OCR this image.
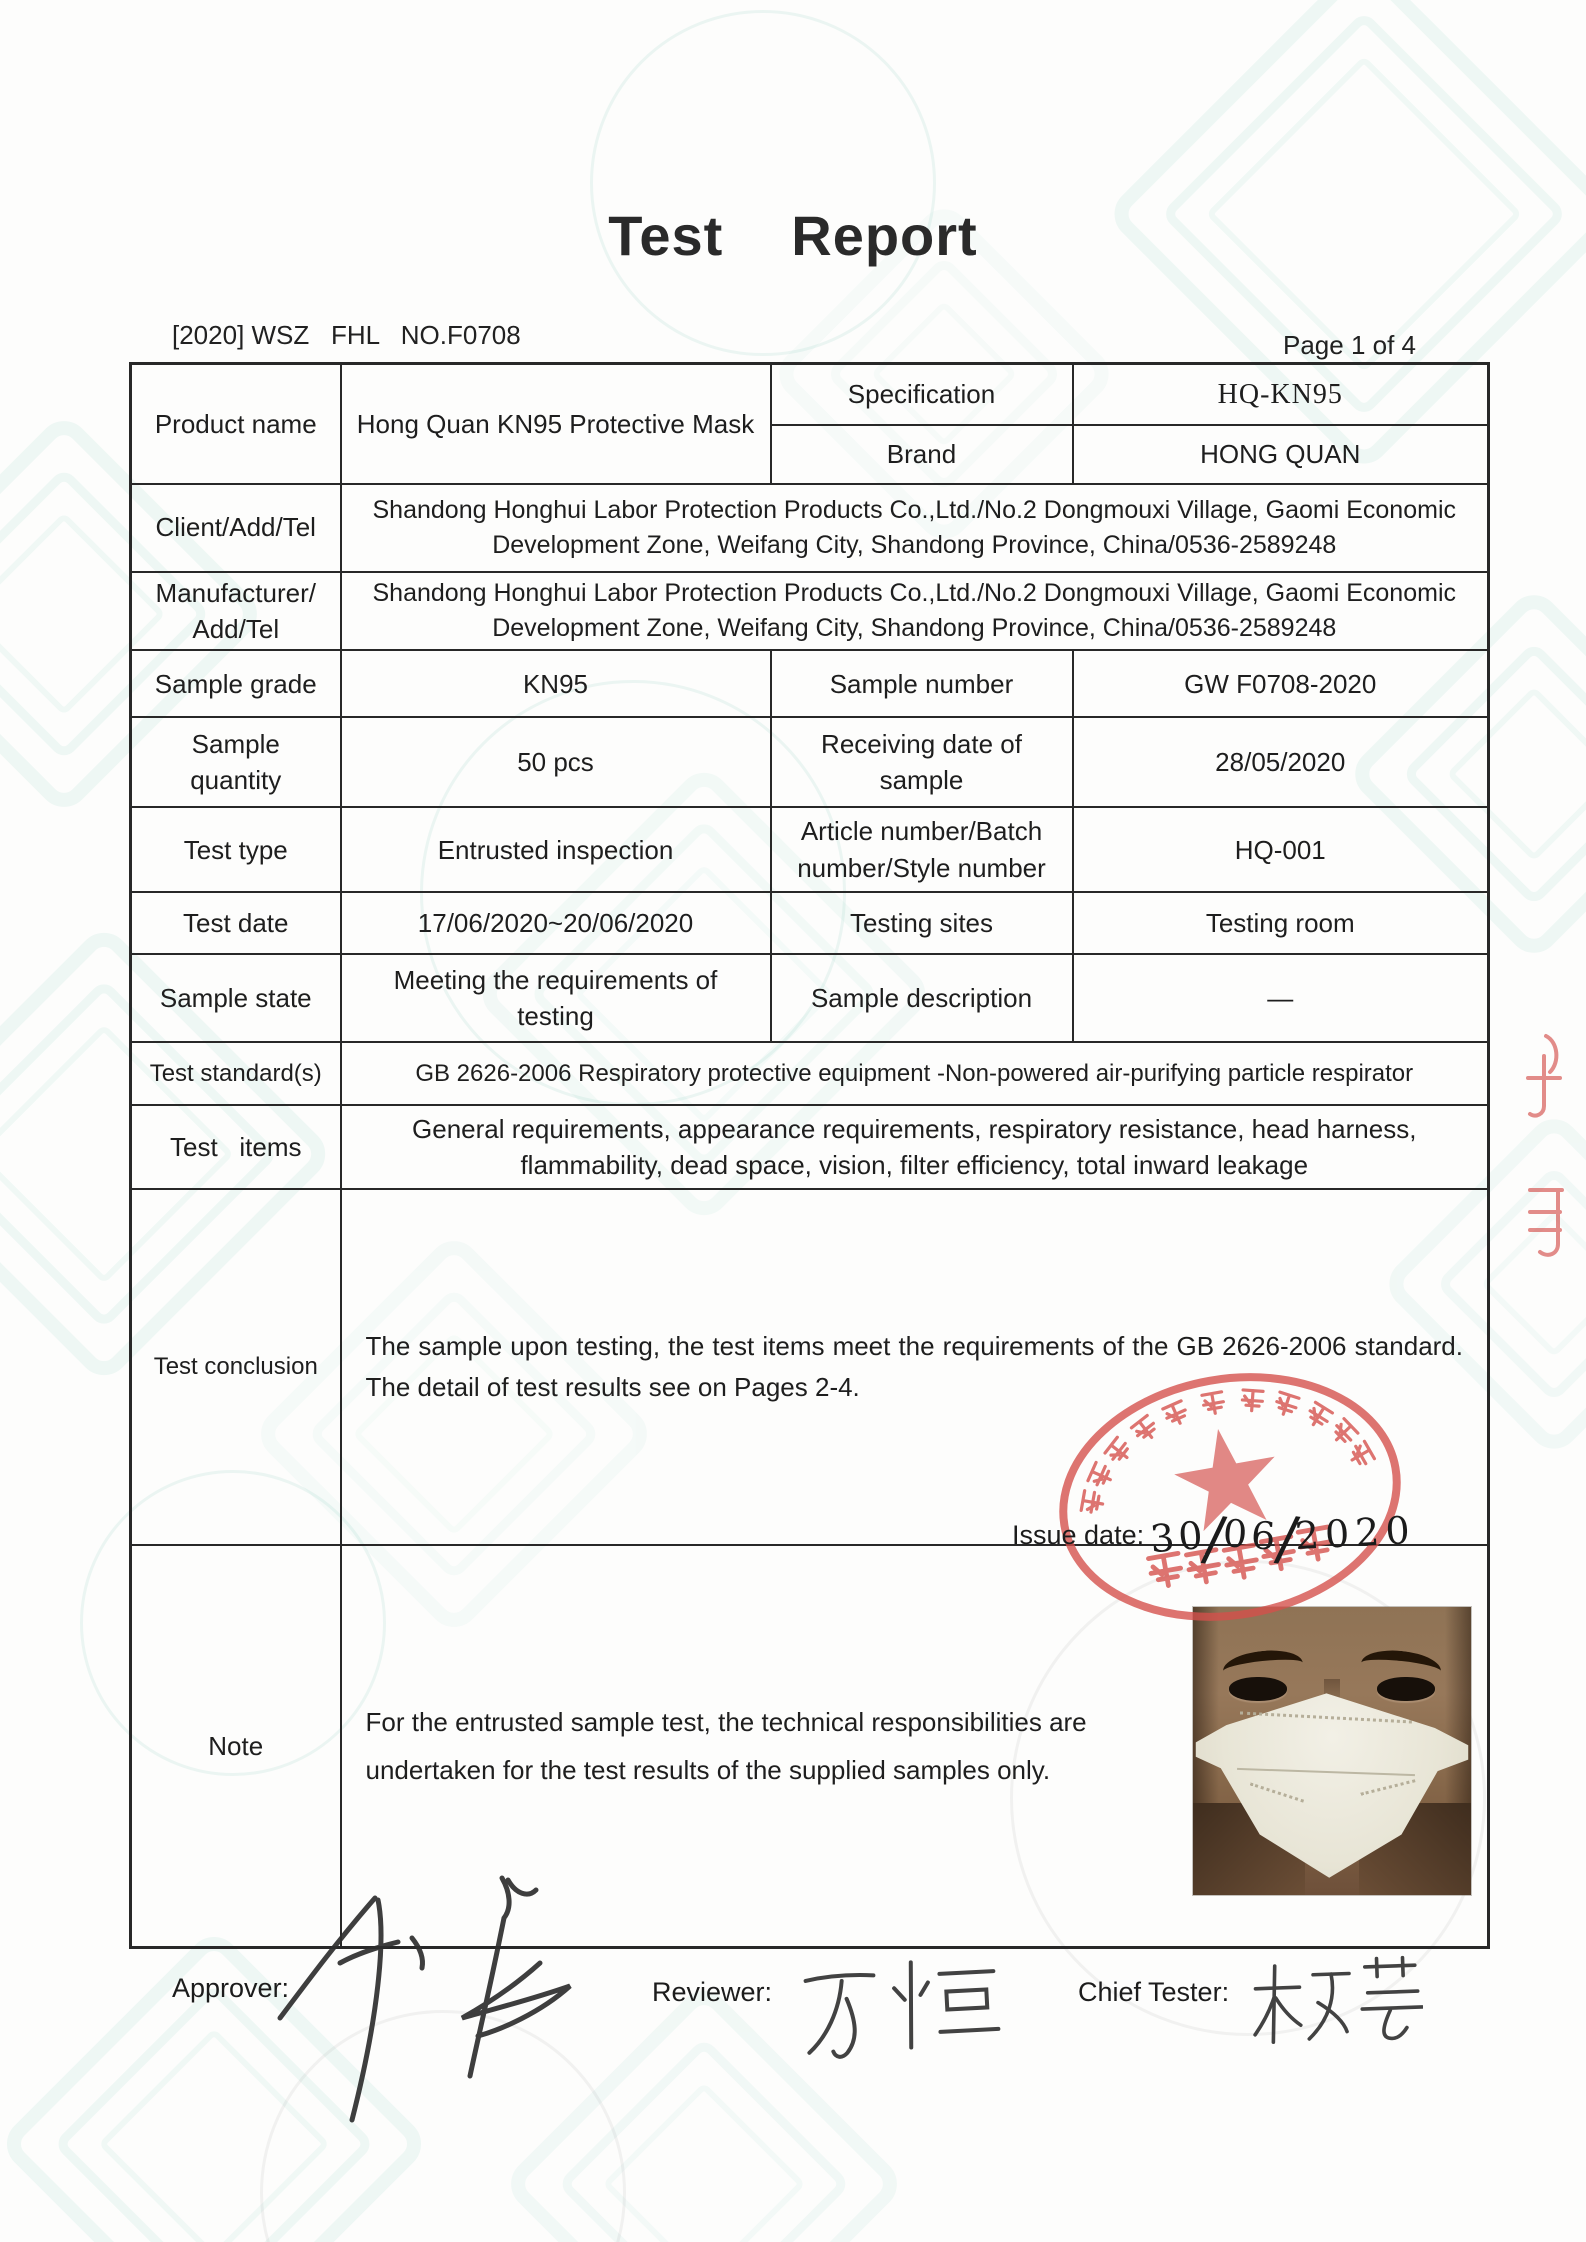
Test Report
[2020] WSZ   FHL   NO.F0708	Page 1 of 4
Product name	Hong Quan KN95 Protective Mask	Specification	HQ-KN95
		Brand	HONG QUAN
Client/Add/Tel	Shandong Honghui Labor Protection Products Co.,Ltd./No.2 Dongmouxi Village, Gaomi Economic Development Zone, Weifang City, Shandong Province, China/0536-2589248		

Manufacturer/
Add/Tel	Shandong Honghui Labor Protection Products Co.,Ltd./No.2 Dongmouxi Village, Gaomi Economic Development Zone, Weifang City, Shandong Province, China/0536-2589248		
Sample grade	KN95	Sample number	GW F0708-2020
Sample quantity	50 pcs	Receiving date of sample	28/05/2020
Test type	Entrusted inspection	Article number/Batch number/Style number	HQ-001
Test date	17/06/2020~20/06/2020	Testing sites	Testing room
Sample state	Meeting the requirements of testing	Sample description	—
Test standard(s)	GB 2626-2006 Respiratory protective equipment -Non-powered air-purifying particle respirator		
Test   items	General requirements, appearance requirements, respiratory resistance, head harness, flammability, dead space, vision, filter efficiency, total inward leakage		
Test conclusion	The sample upon testing, the test items meet the requirements of the GB 2626-2006 standard. The detail of test results see on Pages 2-4.		

Note	For the entrusted sample test, the technical responsibilities are undertaken for the test results of the supplied samples only.		
Issue date: 30
/
06
/
2020
Approver:	Reviewer:	Chief Tester:
